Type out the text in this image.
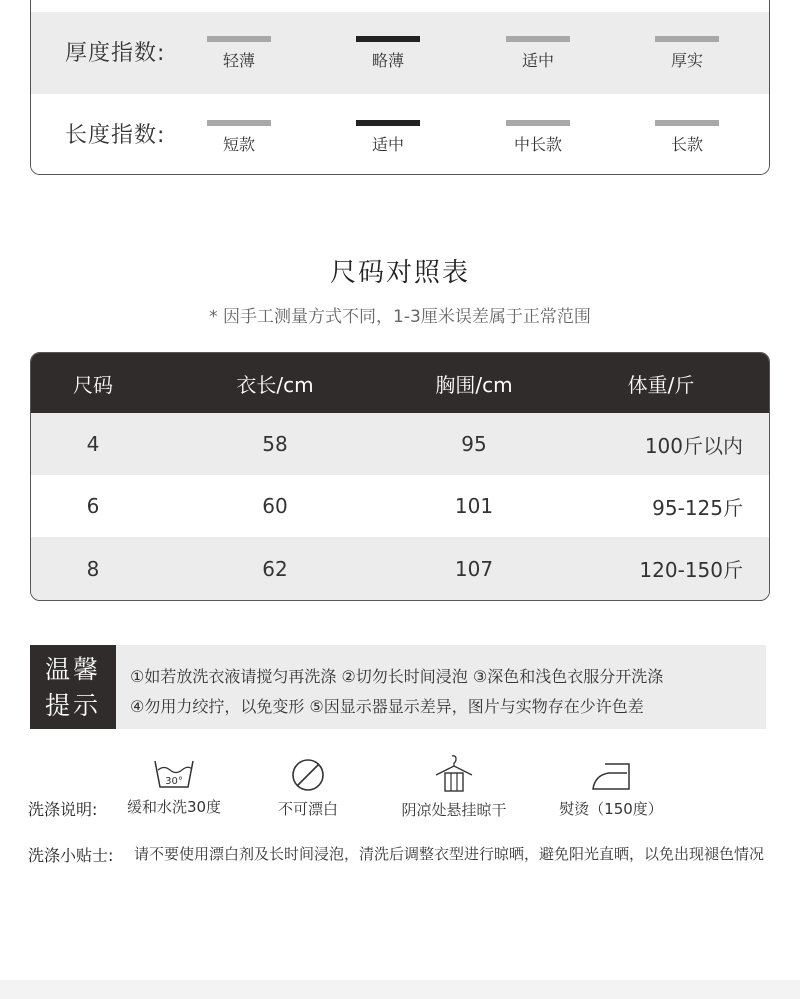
厚度指数:	轻薄	略薄	适中	厚实
长度指数:	短款	适中	中长款	长款
尺码对照表
* 因手工测量方式不同，1-3厘米误差属于正常范围
尺码	衣长/cm	胸围/cm	体重/斤
4	58	95	100斤以内
6	60	101	95-125斤
8	62	107	120-150斤
温馨
提示
①如若放洗衣液请搅匀再洗涤 ②切勿长时间浸泡 ③深色和浅色衣服分开洗涤
④勿用力绞拧，以免变形 ⑤因显示器显示差异，图片与实物存在少许色差
洗涤说明:
30°
缓和水洗30度	不可漂白	阴凉处悬挂晾干	熨烫（150度）
洗涤小贴士: 请不要使用漂白剂及长时间浸泡，清洗后调整衣型进行晾晒，避免阳光直晒，以免出现褪色情况
